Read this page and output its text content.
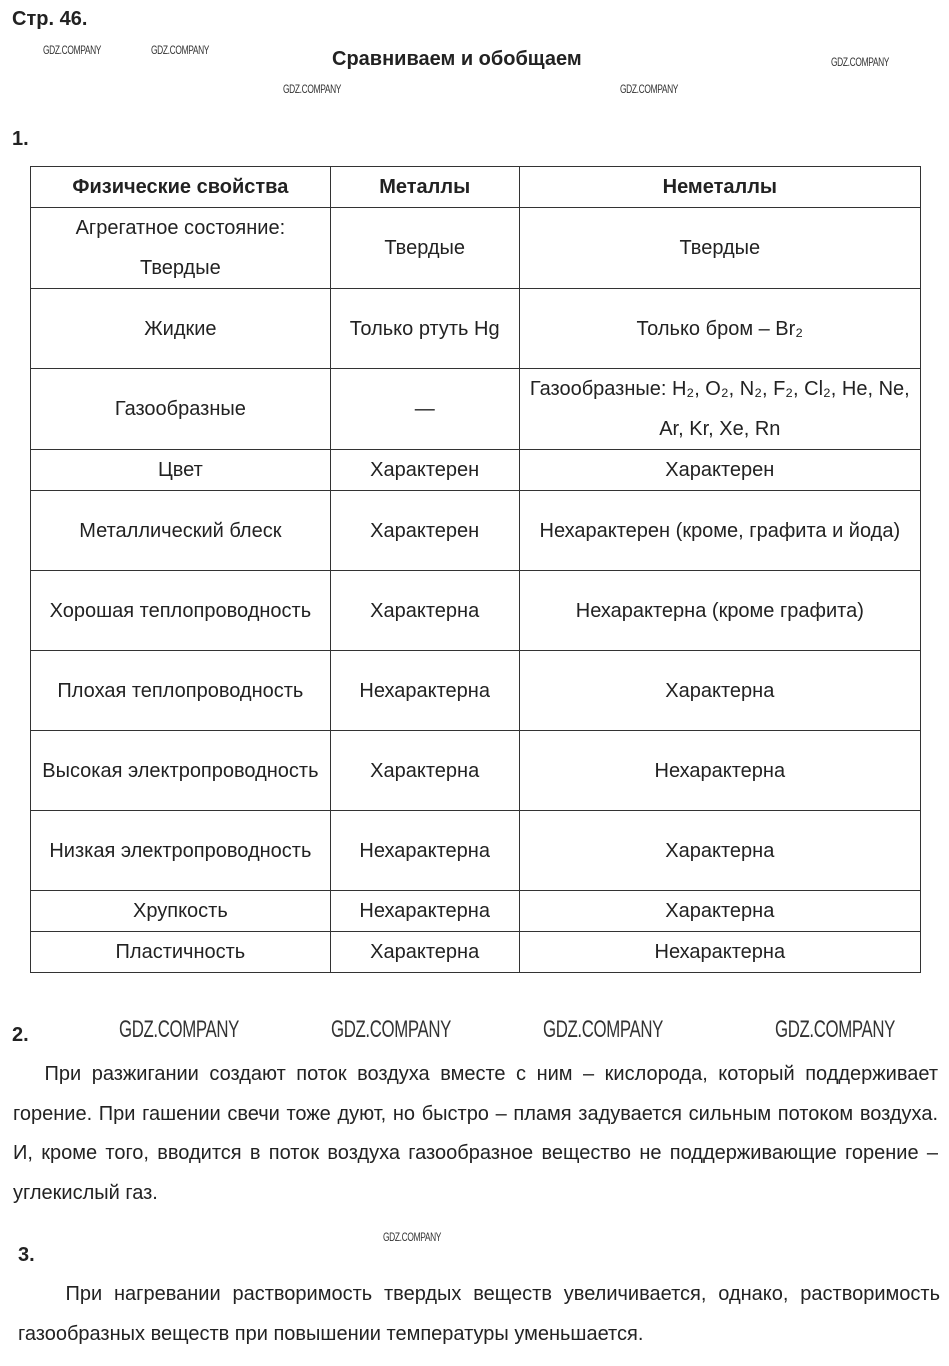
Стр. 46.
Сравниваем и обобщаем
1.
Физические свойства	Металлы	Неметаллы
Агрегатное состояние: Твердые	Твердые	Твердые
Жидкие	Только ртуть Hg	Только бром – Br₂
Газообразные	—	Газообразные: H₂, O₂, N₂, F₂, Cl₂, He, Ne, Ar, Kr, Xe, Rn
Цвет	Характерен	Характерен
Металлический блеск	Характерен	Нехарактерен (кроме, графита и йода)
Хорошая теплопроводность	Характерна	Нехарактерна (кроме графита)
Плохая теплопроводность	Нехарактерна	Характерна
Высокая электропроводность	Характерна	Нехарактерна
Низкая электропроводность	Нехарактерна	Характерна
Хрупкость	Нехарактерна	Характерна
Пластичность	Характерна	Нехарактерна
2.
При разжигании создают поток воздуха вместе с ним – кислорода, который поддерживает горение. При гашении свечи тоже дуют, но быстро – пламя задувается сильным потоком воздуха. И, кроме того, вводится в поток воздуха газообразное вещество не поддерживающие горение – углекислый газ.
3.
При нагревании растворимость твердых веществ увеличивается, однако, растворимость газообразных веществ при повышении температуры уменьшается.
GDZ.COMPANY	GDZ.COMPANY
GDZ.COMPANY
GDZ.COMPANY	GDZ.COMPANY
GDZ.COMPANY	GDZ.COMPANY	GDZ.COMPANY	GDZ.COMPANY
GDZ.COMPANY
